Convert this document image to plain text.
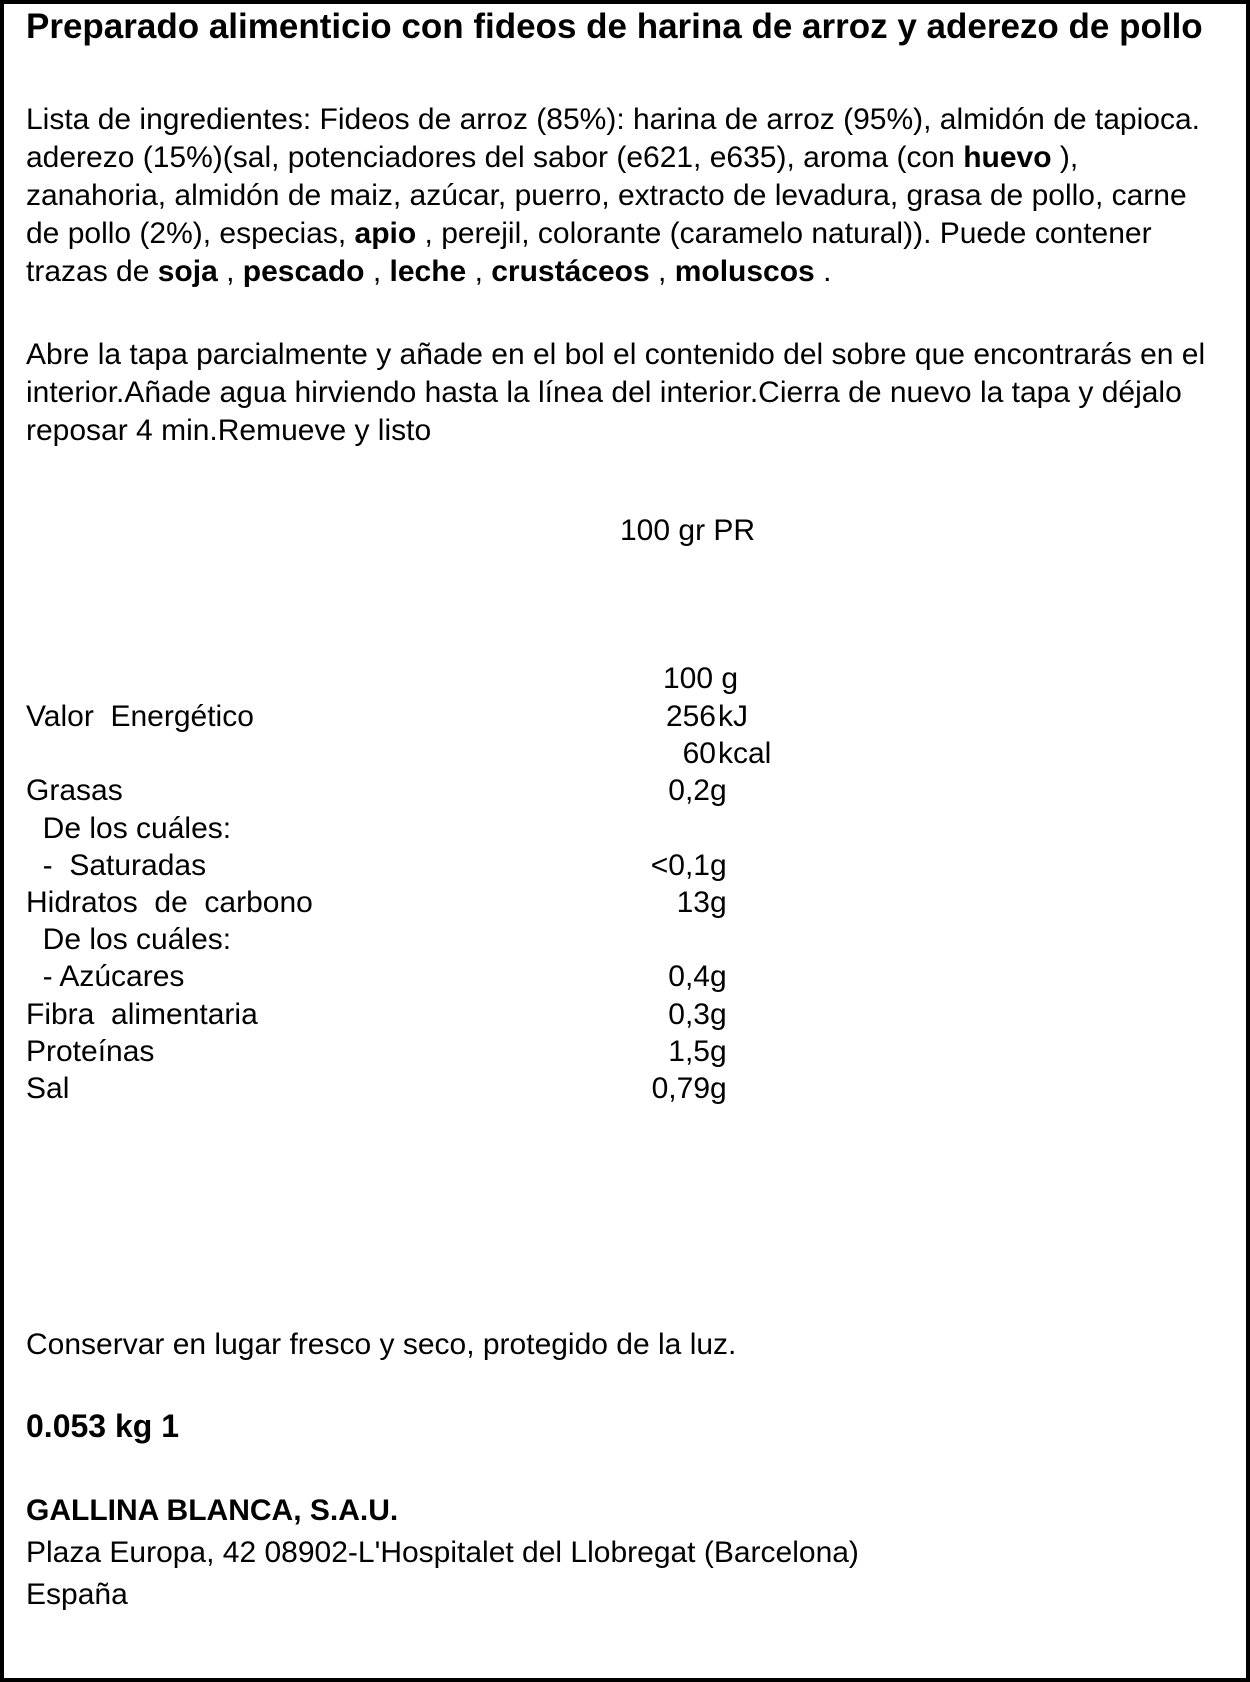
Preparado alimenticio con fideos de harina de arroz y aderezo de pollo

Lista de ingredientes: Fideos de arroz (85%): harina de arroz (95%), almidón de tapioca. aderezo (15%)(sal, potenciadores del sabor (e621, e635), aroma (con huevo ), zanahoria, almidón de maiz, azúcar, puerro, extracto de levadura, grasa de pollo, carne de pollo (2%), especias, apio , perejil, colorante (caramelo natural)). Puede contener trazas de soja , pescado , leche , crustáceos , moluscos .

Abre la tapa parcialmente y añade en el bol el contenido del sobre que encontrarás en el interior.Añade agua hirviendo hasta la línea del interior.Cierra de nuevo la tapa y déjalo reposar 4 min.Remueve y listo

100 gr PR
100 g
Valor  Energético	256 kJ
60 kcal
Grasas	0,2 g
De los cuáles:
-  Saturadas	<0,1 g
Hidratos  de  carbono	13 g
De los cuáles:
- Azúcares	0,4 g
Fibra  alimentaria	0,3 g
Proteínas	1,5 g
Sal	0,79 g
Conservar en lugar fresco y seco, protegido de la luz.
0.053 kg 1
GALLINA BLANCA, S.A.U.
Plaza Europa, 42 08902-L'Hospitalet del Llobregat (Barcelona)
España
